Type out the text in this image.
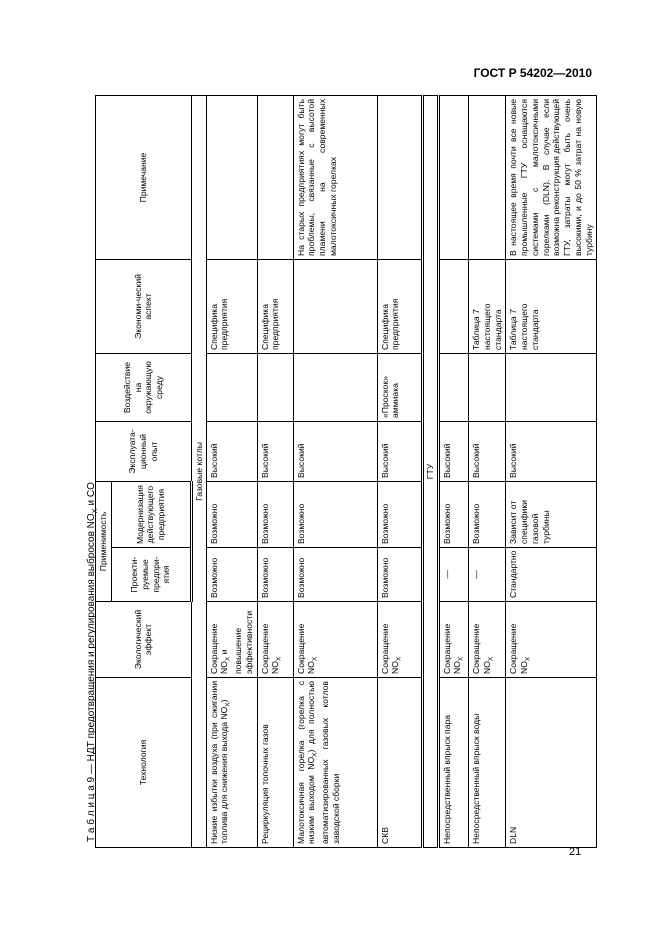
ГОСТ Р 54202—2010
Т а б л и ц а 9 — НДТ предотвращения и регулирования выбросов $NO_X$ и CO
Технология	Экологический эффект	Применимость		Эксплуата-ционный опыт	Воздействие на окружающую среду	Экономи-ческий аспект	Примечание
		Проекти-руемые предпри-ятия	Модернизация действующего предприятия				
Газовые котлы							
Низкие избытки воздуха (при сжигании топлива для снижения выхода $NO_X$)	Сокращение $NO_X$ и повышение эффективности	Возможно	Возможно	Высокий		Специфика предприятия	
Рециркуляция топочных газов	Сокращение $NO_X$	Возможно	Возможно	Высокий		Специфика предприятия	
Малотоксичная горелка (горелка с низким выходом $NO_X$) для полностью автоматизированных газовых котлов заводской сборки	Сокращение $NO_X$	Возможно	Возможно	Высокий			На старых предприятиях могут быть проблемы, связанные с высотой пламени на современных малотоксичных горелках
СКВ	Сокращение $NO_X$	Возможно	Возможно	Высокий	«Проскок» аммиака	Специфика предприятия	
ГТУ							
Непосредственный впрыск пара	Сокращение $NO_X$	—	Возможно	Высокий			
Непосредственный впрыск воды	Сокращение $NO_X$	—	Возможно	Высокий		Таблица 7 настоящего стандарта	
DLN	Сокращение $NO_X$	Стандартно	Зависит от специфики газовой турбины	Высокий		Таблица 7 настоящего стандарта	В настоящее время почти все новые промышленные ГТУ оснащаются системами с малотоксичными горелками (DLN). В случае если возможна реконструкция действующей ГТУ, затраты могут быть очень высокими, и до 50 % затрат на новую турбину
21
